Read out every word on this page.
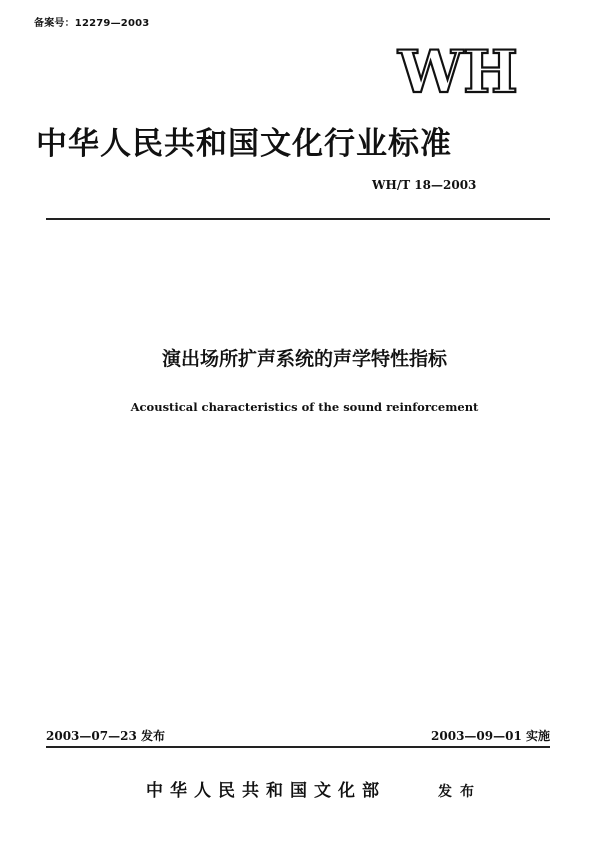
备案号：12279—2003
WH
中华人民共和国文化行业标准
WH/T 18—2003
演出场所扩声系统的声学特性指标
Acoustical characteristics of the sound reinforcement
2003—07—23 发布	2003—09—01 实施
中华人民共和国文化部	发布
